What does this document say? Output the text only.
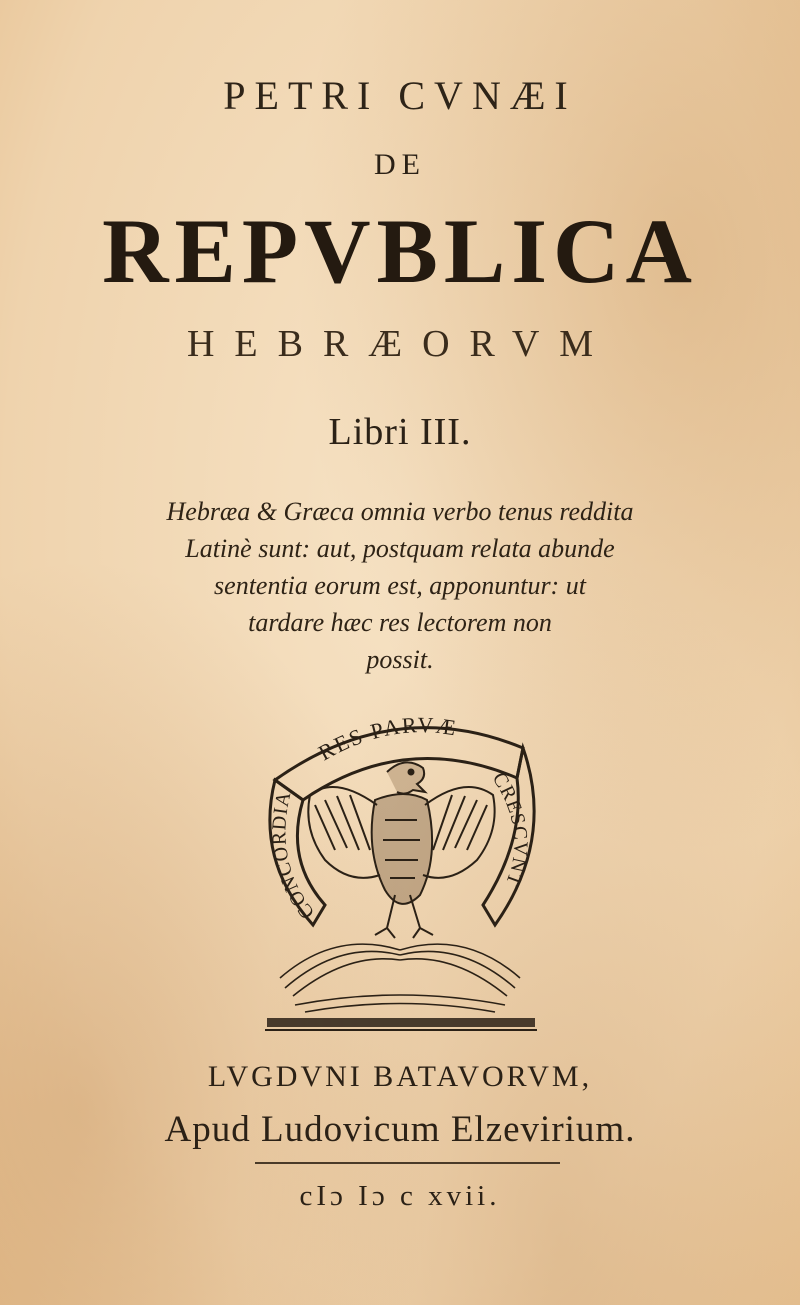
PETRI CVNÆI
DE
REPVBLICA
HEBRÆORVM
Libri III.
Hebræa & Græca omnia verbo tenus reddita
Latinè sunt: aut, postquam relata abunde
sententia eorum est, apponuntur: ut
tardare hæc res lectorem non
possit.
RES PARVÆ
CONCORDIA
CRESCVNT
LVGDVNI BATAVORVM,
Apud Ludovicum Elzevirium.
cIɔ Iɔ c xvii.
